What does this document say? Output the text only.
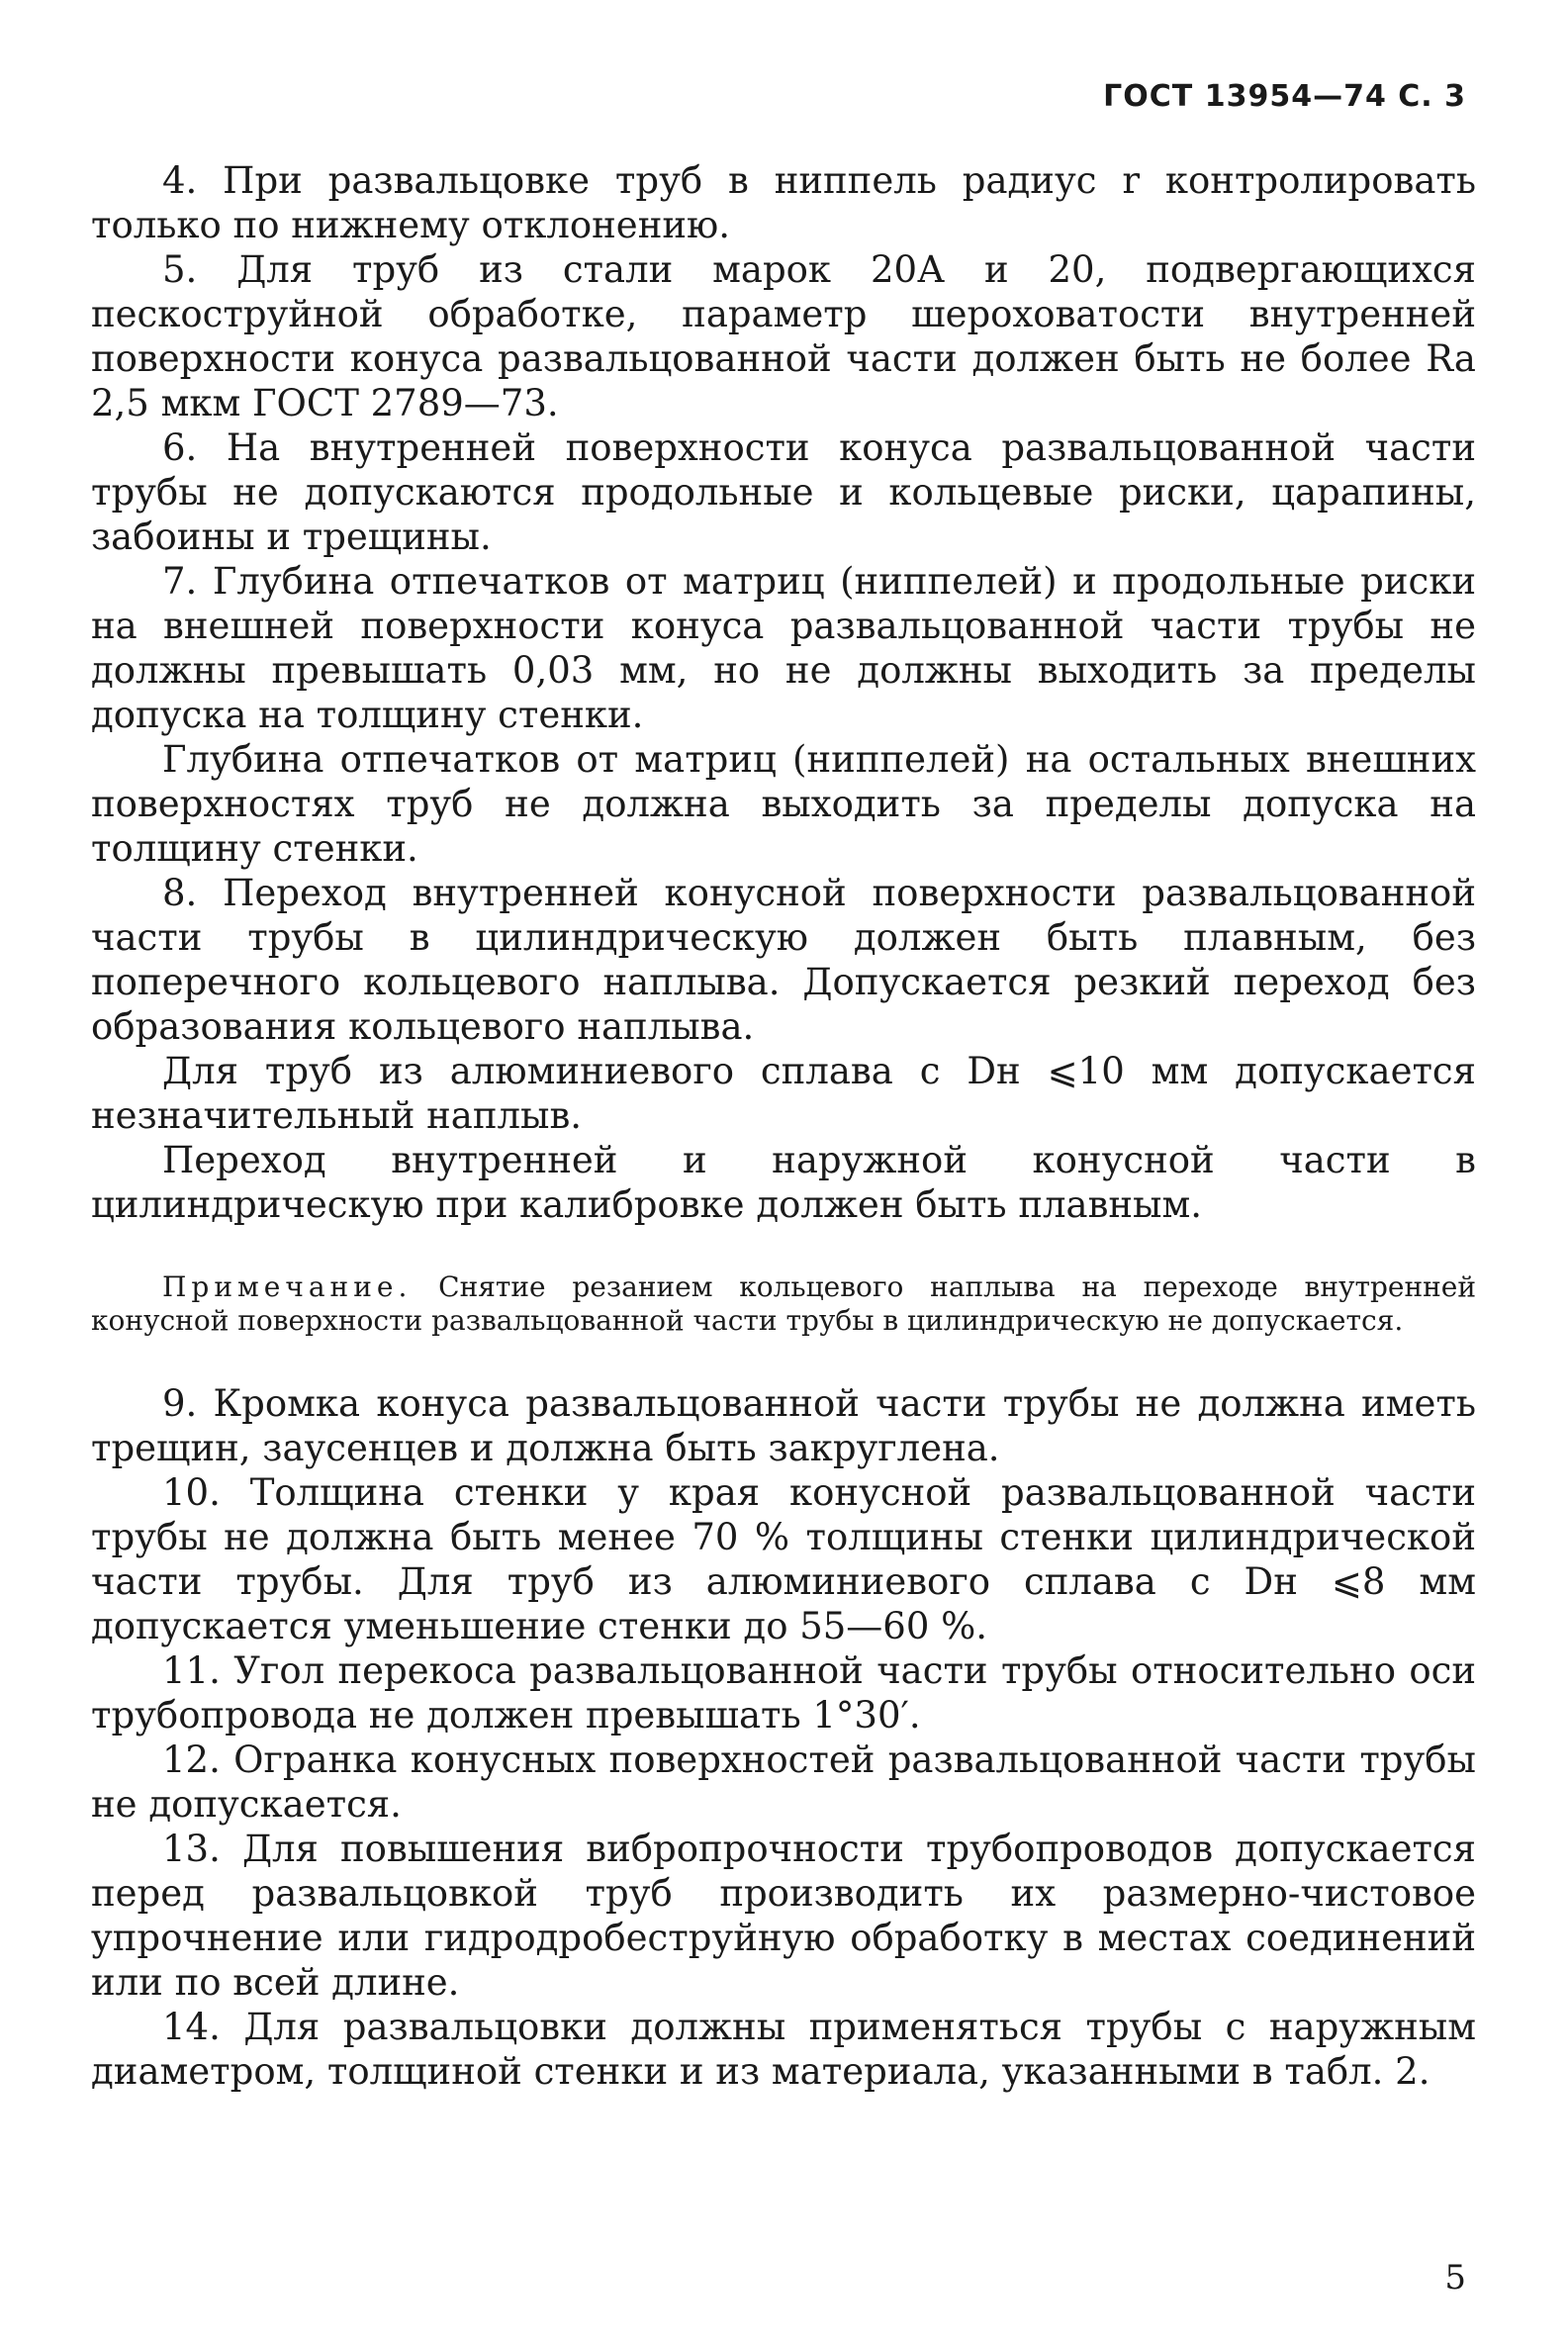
ГОСТ 13954—74 С. 3

4. При развальцовке труб в ниппель радиус r контролировать только по нижнему отклонению.

5. Для труб из стали марок 20А и 20, подвергающихся пескоструйной обработке, параметр шероховатости внутренней поверхности конуса развальцованной части должен быть не более Ra 2,5 мкм ГОСТ 2789—73.

6. На внутренней поверхности конуса развальцованной части трубы не допускаются продольные и кольцевые риски, царапины, забоины и трещины.

7. Глубина отпечатков от матриц (ниппелей) и продольные риски на внешней поверхности конуса развальцованной части трубы не должны превышать 0,03 мм, но не должны выходить за пределы допуска на толщину стенки.

Глубина отпечатков от матриц (ниппелей) на остальных внешних поверхностях труб не должна выходить за пределы допуска на толщину стенки.

8. Переход внутренней конусной поверхности развальцованной части трубы в цилиндрическую должен быть плавным, без поперечного кольцевого наплыва. Допускается резкий переход без образования кольцевого наплыва.

Для труб из алюминиевого сплава с Dн ⩽10 мм допускается незначительный наплыв.

Переход внутренней и наружной конусной части в цилиндрическую при калибровке должен быть плавным.

Примечание. Снятие резанием кольцевого наплыва на переходе внутренней конусной поверхности развальцованной части трубы в цилиндрическую не допускается.

9. Кромка конуса развальцованной части трубы не должна иметь трещин, заусенцев и должна быть закруглена.

10. Толщина стенки у края конусной развальцованной части трубы не должна быть менее 70 % толщины стенки цилиндрической части трубы. Для труб из алюминиевого сплава с Dн ⩽8 мм допускается уменьшение стенки до 55—60 %.

11. Угол перекоса развальцованной части трубы относительно оси трубопровода не должен превышать 1°30′.

12. Огранка конусных поверхностей развальцованной части трубы не допускается.

13. Для повышения вибропрочности трубопроводов допускается перед развальцовкой труб производить их размерно-чистовое упрочнение или гидродробеструйную обработку в местах соединений или по всей длине.

14. Для развальцовки должны применяться трубы с наружным диаметром, толщиной стенки и из материала, указанными в табл. 2.

5
